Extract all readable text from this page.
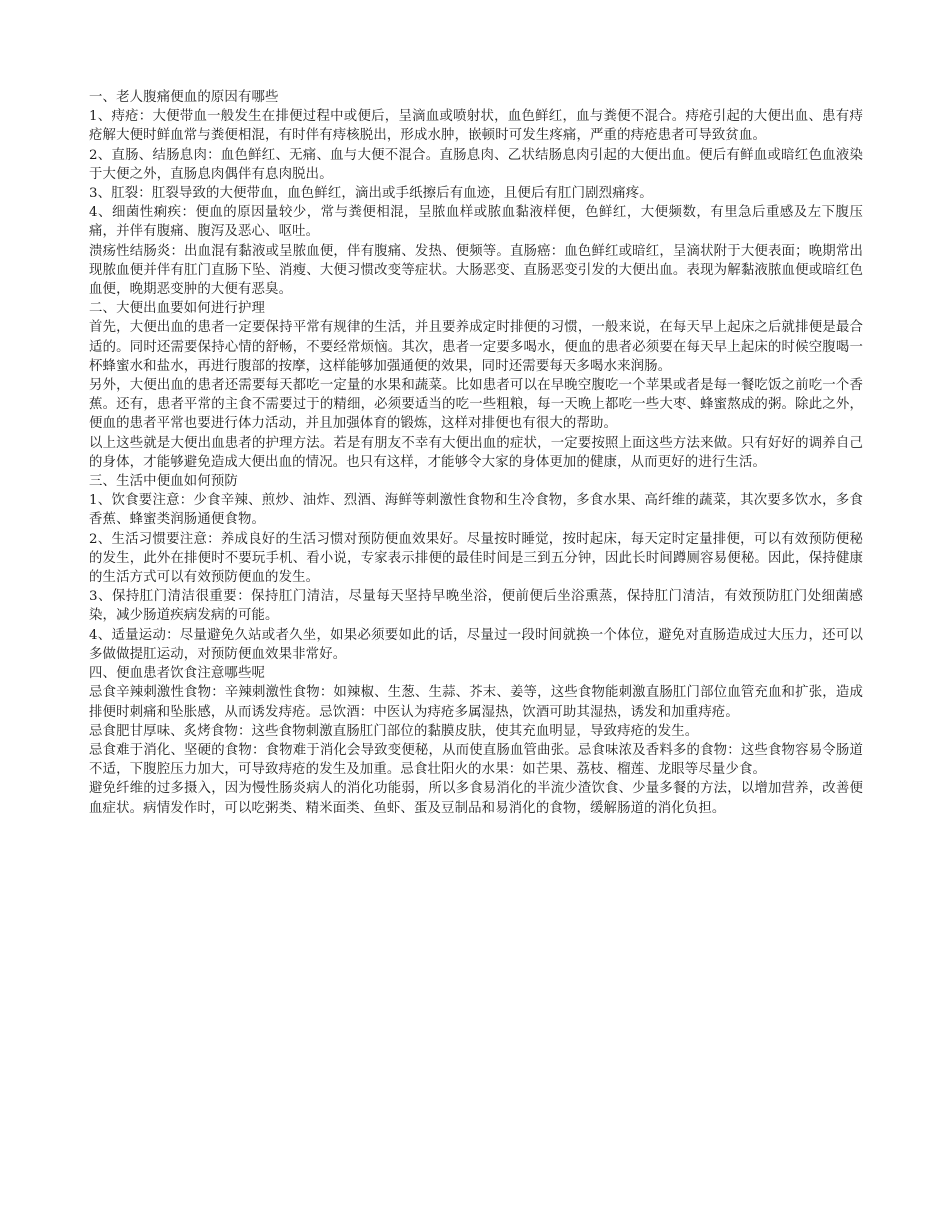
一、老人腹痛便血的原因有哪些

1、痔疮：大便带血一般发生在排便过程中或便后，呈滴血或喷射状，血色鲜红，血与粪便不混合。痔疮引起的大便出血、患有痔疮解大便时鲜血常与粪便相混，有时伴有痔核脱出，形成水肿，嵌顿时可发生疼痛，严重的痔疮患者可导致贫血。

2、直肠、结肠息肉：血色鲜红、无痛、血与大便不混合。直肠息肉、乙状结肠息肉引起的大便出血。便后有鲜血或暗红色血液染于大便之外，直肠息肉偶伴有息肉脱出。

3、肛裂：肛裂导致的大便带血，血色鲜红，滴出或手纸擦后有血迹，且便后有肛门剧烈痛疼。

4、细菌性痢疾：便血的原因量较少，常与粪便相混，呈脓血样或脓血黏液样便，色鲜红，大便频数，有里急后重感及左下腹压痛，并伴有腹痛、腹泻及恶心、呕吐。

溃疡性结肠炎：出血混有黏液或呈脓血便，伴有腹痛、发热、便频等。直肠癌：血色鲜红或暗红，呈滴状附于大便表面；晚期常出现脓血便并伴有肛门直肠下坠、消瘦、大便习惯改变等症状。大肠恶变、直肠恶变引发的大便出血。表现为解黏液脓血便或暗红色血便，晚期恶变肿的大便有恶臭。

二、大便出血要如何进行护理

首先，大便出血的患者一定要保持平常有规律的生活，并且要养成定时排便的习惯，一般来说，在每天早上起床之后就排便是最合适的。同时还需要保持心情的舒畅，不要经常烦恼。其次，患者一定要多喝水，便血的患者必须要在每天早上起床的时候空腹喝一杯蜂蜜水和盐水，再进行腹部的按摩，这样能够加强通便的效果，同时还需要每天多喝水来润肠。

另外，大便出血的患者还需要每天都吃一定量的水果和蔬菜。比如患者可以在早晚空腹吃一个苹果或者是每一餐吃饭之前吃一个香蕉。还有，患者平常的主食不需要过于的精细，必须要适当的吃一些粗粮，每一天晚上都吃一些大枣、蜂蜜熬成的粥。除此之外，便血的患者平常也要进行体力活动，并且加强体育的锻炼，这样对排便也有很大的帮助。

以上这些就是大便出血患者的护理方法。若是有朋友不幸有大便出血的症状，一定要按照上面这些方法来做。只有好好的调养自己的身体，才能够避免造成大便出血的情况。也只有这样，才能够令大家的身体更加的健康，从而更好的进行生活。

三、生活中便血如何预防

1、饮食要注意：少食辛辣、煎炒、油炸、烈酒、海鲜等刺激性食物和生冷食物，多食水果、高纤维的蔬菜，其次要多饮水，多食香蕉、蜂蜜类润肠通便食物。

2、生活习惯要注意：养成良好的生活习惯对预防便血效果好。尽量按时睡觉，按时起床，每天定时定量排便，可以有效预防便秘的发生，此外在排便时不要玩手机、看小说，专家表示排便的最佳时间是三到五分钟，因此长时间蹲厕容易便秘。因此，保持健康的生活方式可以有效预防便血的发生。

3、保持肛门清洁很重要：保持肛门清洁，尽量每天坚持早晚坐浴，便前便后坐浴熏蒸，保持肛门清洁，有效预防肛门处细菌感染，减少肠道疾病发病的可能。

4、适量运动：尽量避免久站或者久坐，如果必须要如此的话，尽量过一段时间就换一个体位，避免对直肠造成过大压力，还可以多做做提肛运动，对预防便血效果非常好。

四、便血患者饮食注意哪些呢

忌食辛辣刺激性食物：辛辣刺激性食物：如辣椒、生葱、生蒜、芥末、姜等，这些食物能刺激直肠肛门部位血管充血和扩张，造成排便时刺痛和坠胀感，从而诱发痔疮。忌饮酒：中医认为痔疮多属湿热，饮酒可助其湿热，诱发和加重痔疮。

忌食肥甘厚味、炙烤食物：这些食物刺激直肠肛门部位的黏膜皮肤，使其充血明显，导致痔疮的发生。

忌食难于消化、坚硬的食物：食物难于消化会导致变便秘，从而使直肠血管曲张。忌食味浓及香料多的食物：这些食物容易令肠道不适，下腹腔压力加大，可导致痔疮的发生及加重。忌食壮阳火的水果：如芒果、荔枝、榴莲、龙眼等尽量少食。

避免纤维的过多摄入，因为慢性肠炎病人的消化功能弱，所以多食易消化的半流少渣饮食、少量多餐的方法，以增加营养，改善便血症状。病情发作时，可以吃粥类、精米面类、鱼虾、蛋及豆制品和易消化的食物，缓解肠道的消化负担。
